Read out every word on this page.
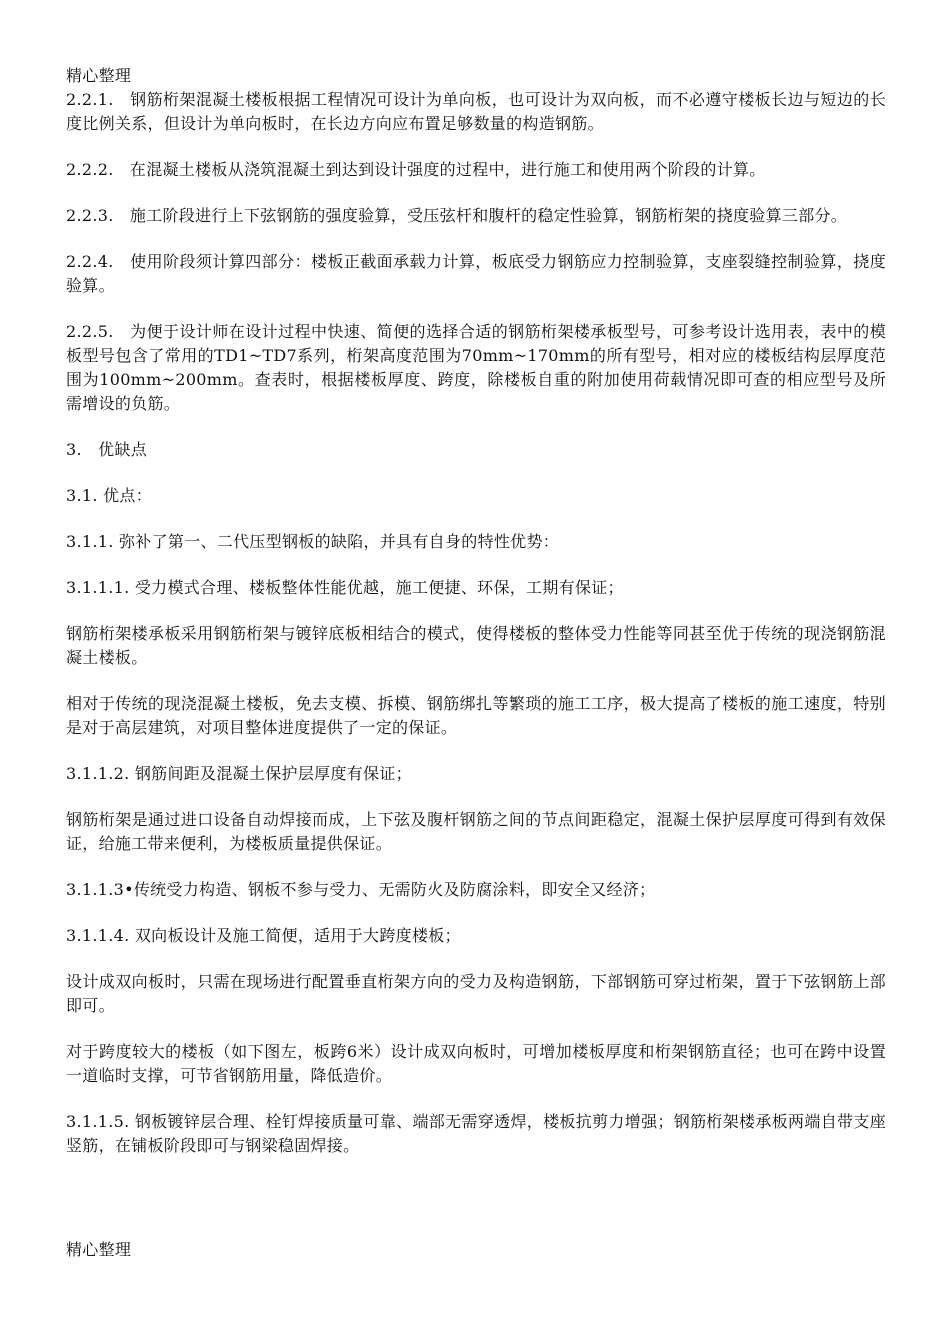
精心整理

2.2.1.　钢筋桁架混凝土楼板根据工程情况可设计为单向板，也可设计为双向板，而不必遵守楼板长边与短边的长度比例关系，但设计为单向板时，在长边方向应布置足够数量的构造钢筋。

2.2.2.　在混凝土楼板从浇筑混凝土到达到设计强度的过程中，进行施工和使用两个阶段的计算。

2.2.3.　施工阶段进行上下弦钢筋的强度验算，受压弦杆和腹杆的稳定性验算，钢筋桁架的挠度验算三部分。

2.2.4.　使用阶段须计算四部分：楼板正截面承载力计算，板底受力钢筋应力控制验算，支座裂缝控制验算，挠度验算。

2.2.5.　为便于设计师在设计过程中快速、简便的选择合适的钢筋桁架楼承板型号，可参考设计选用表，表中的模板型号包含了常用的TD1~TD7系列，桁架高度范围为70mm~170mm的所有型号，相对应的楼板结构层厚度范围为100mm~200mm。查表时，根据楼板厚度、跨度，除楼板自重的附加使用荷载情况即可查的相应型号及所需增设的负筋。

3.　优缺点

3.1. 优点：

3.1.1. 弥补了第一、二代压型钢板的缺陷，并具有自身的特性优势：

3.1.1.1. 受力模式合理、楼板整体性能优越，施工便捷、环保，工期有保证；

钢筋桁架楼承板采用钢筋桁架与镀锌底板相结合的模式，使得楼板的整体受力性能等同甚至优于传统的现浇钢筋混凝土楼板。

相对于传统的现浇混凝土楼板，免去支模、拆模、钢筋绑扎等繁琐的施工工序，极大提高了楼板的施工速度，特别是对于高层建筑，对项目整体进度提供了一定的保证。

3.1.1.2. 钢筋间距及混凝土保护层厚度有保证；

钢筋桁架是通过进口设备自动焊接而成，上下弦及腹杆钢筋之间的节点间距稳定，混凝土保护层厚度可得到有效保证，给施工带来便利，为楼板质量提供保证。

3.1.1.3•传统受力构造、钢板不参与受力、无需防火及防腐涂料，即安全又经济；

3.1.1.4. 双向板设计及施工简便，适用于大跨度楼板；

设计成双向板时，只需在现场进行配置垂直桁架方向的受力及构造钢筋，下部钢筋可穿过桁架，置于下弦钢筋上部即可。

对于跨度较大的楼板（如下图左，板跨6米）设计成双向板时，可增加楼板厚度和桁架钢筋直径；也可在跨中设置一道临时支撑，可节省钢筋用量，降低造价。

3.1.1.5. 钢板镀锌层合理、栓钉焊接质量可靠、端部无需穿透焊，楼板抗剪力增强；钢筋桁架楼承板两端自带支座竖筋，在铺板阶段即可与钢梁稳固焊接。

精心整理
